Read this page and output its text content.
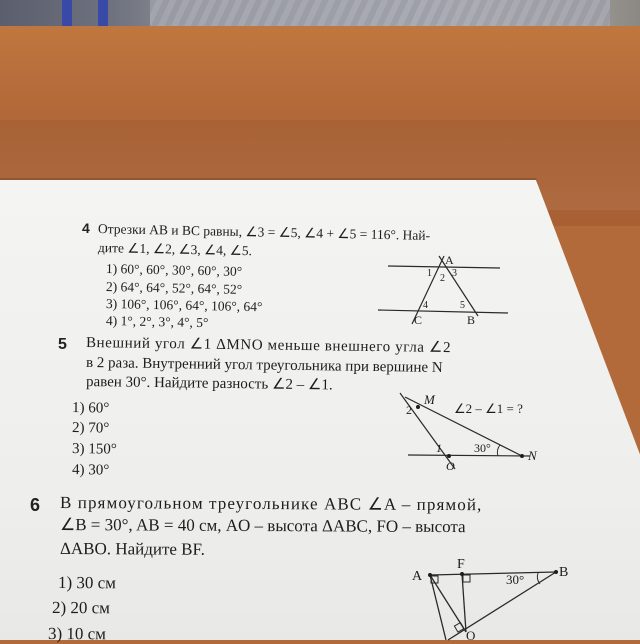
4 Отрезки AB и BC равны, ∠3 = ∠5, ∠4 + ∠5 = 116°. Най-
дите ∠1, ∠2, ∠3, ∠4, ∠5.
1) 60°, 60°, 30°, 60°, 30°
2) 64°, 64°, 52°, 64°, 52°
3) 106°, 106°, 64°, 106°, 64°
4) 1°, 2°, 3°, 4°, 5°
A
1 2 3
4	5
C	B
5 Внешний угол ∠1 ΔMNO меньше внешнего угла ∠2
в 2 раза. Внутренний угол треугольника при вершине N
равен 30°. Найдите разность ∠2 – ∠1.
1) 60°
2) 70°
3) 150°
4) 30°
M
2
1
O
30°	N
∠2 – ∠1 = ?
6 В прямоугольном треугольнике ABC ∠A – прямой,
∠B = 30°, AB = 40 см, AO – высота ΔABC, FO – высота
ΔABO. Найдите BF.
1) 30 см
2) 20 см
3) 10 см
A
F
B
30°
O
